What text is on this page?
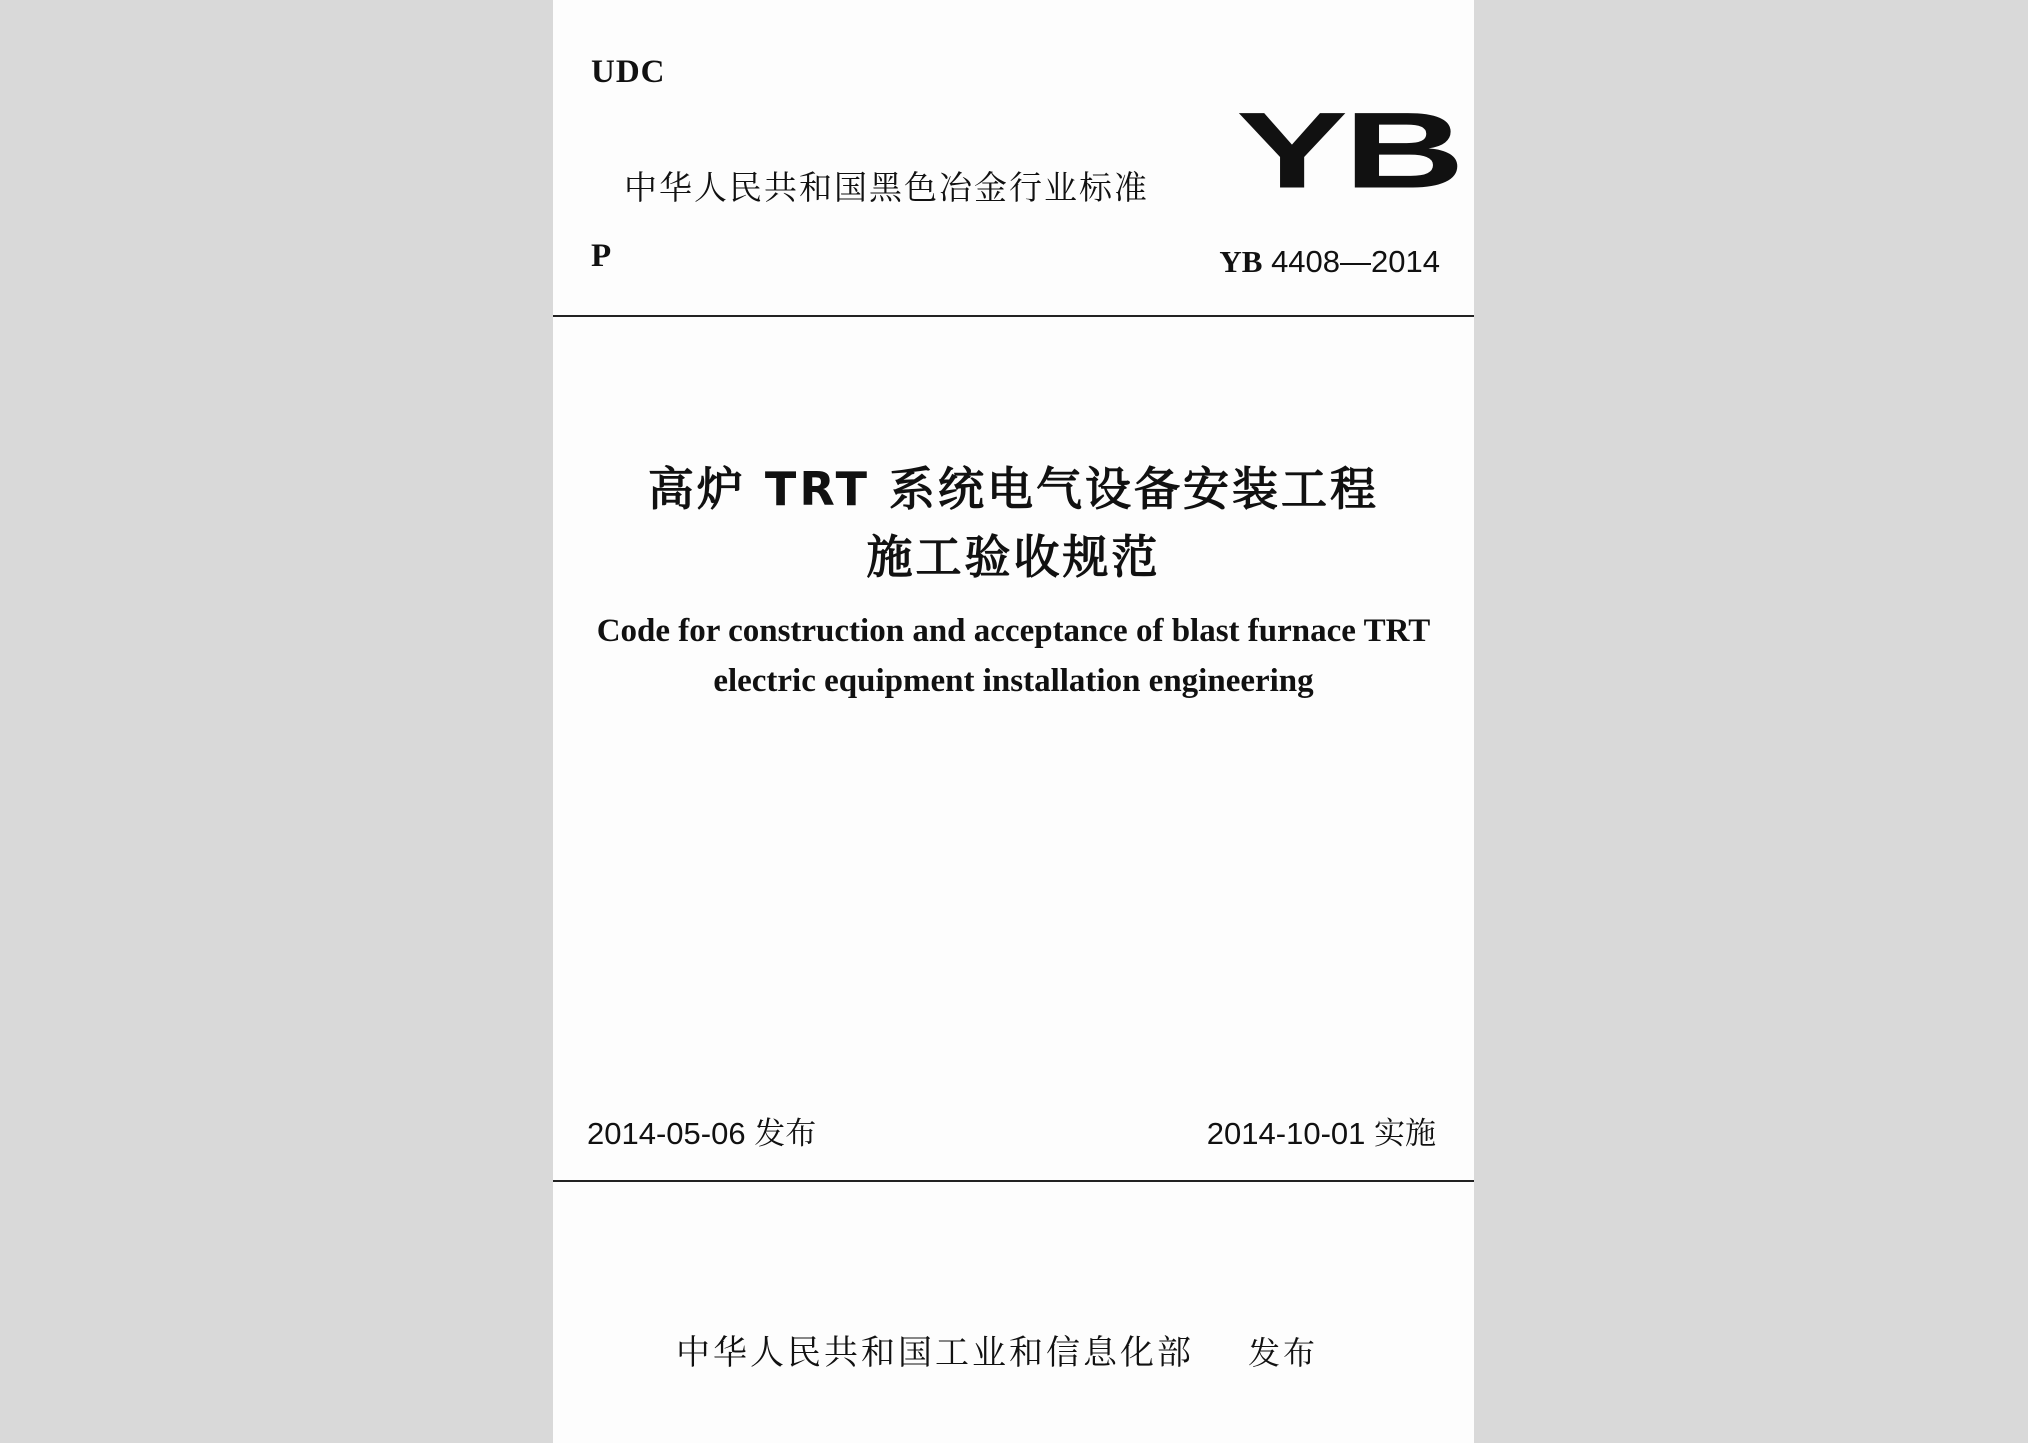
UDC
中华人民共和国黑色冶金行业标准 YB
P	YB 4408—2014
高炉 TRT 系统电气设备安装工程
施工验收规范
Code for construction and acceptance of blast furnace TRT
electric equipment installation engineering
2014-05-06 发布	2014-10-01 实施
中华人民共和国工业和信息化部 发布
